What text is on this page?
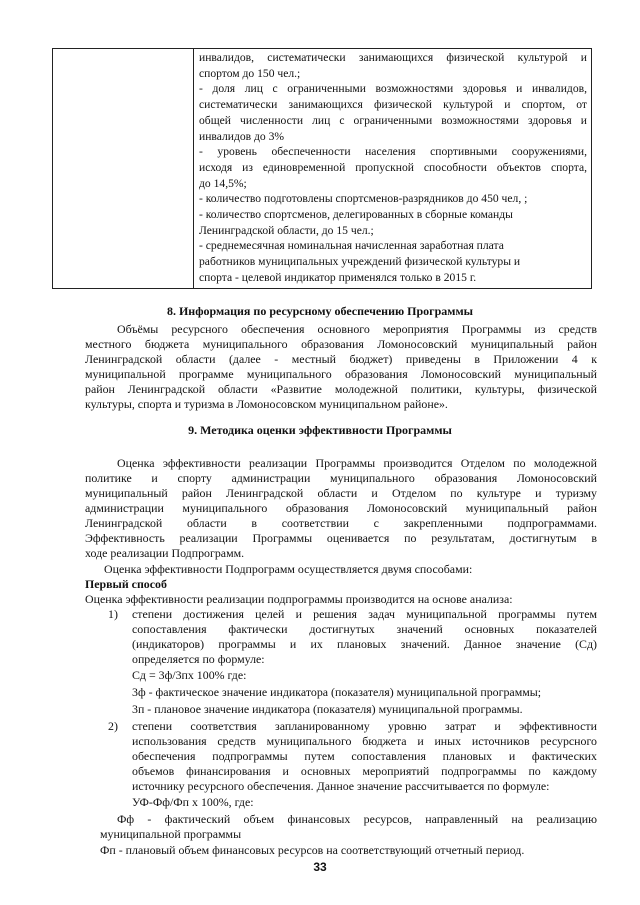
инвалидов, систематически занимающихся физической культурой и
спортом до 150 чел.;
- доля лиц с ограниченными возможностями здоровья и инвалидов,
систематически занимающихся физической культурой и спортом, от
общей численности лиц с ограниченными возможностями здоровья и
инвалидов до 3%
- уровень обеспеченности населения спортивными сооружениями,
исходя из единовременной пропускной способности объектов спорта,
до 14,5%;
- количество подготовлены спортсменов-разрядников до 450 чел, ;
- количество спортсменов, делегированных в сборные команды
Ленинградской области, до 15 чел.;
- среднемесячная номинальная начисленная заработная плата
работников муниципальных учреждений физической культуры и
спорта - целевой индикатор применялся только в 2015 г.
8. Информация по ресурсному обеспечению Программы
Объёмы ресурсного обеспечения основного мероприятия Программы из средств
местного бюджета муниципального образования Ломоносовский муниципальный район
Ленинградской области (далее - местный бюджет) приведены в Приложении 4 к
муниципальной программе муниципального образования Ломоносовский муниципальный
район Ленинградской области «Развитие молодежной политики, культуры, физической
культуры, спорта и туризма в Ломоносовском муниципальном районе».
9. Методика оценки эффективности Программы
Оценка эффективности реализации Программы производится Отделом по молодежной
политике и спорту администрации муниципального образования Ломоносовский
муниципальный район Ленинградской области и Отделом по культуре и туризму
администрации муниципального образования Ломоносовский муниципальный район
Ленинградской области в соответствии с закрепленными подпрограммами.
Эффективность реализации Программы оценивается по результатам, достигнутым в
ходе реализации Подпрограмм.
Оценка эффективности Подпрограмм осуществляется двумя способами:
Первый способ
Оценка эффективности реализации подпрограммы производится на основе анализа:
1) степени достижения целей и решения задач муниципальной программы путем
сопоставления фактически достигнутых значений основных показателей
(индикаторов) программы и их плановых значений. Данное значение (Сд)
определяется по формуле:
Сд = 3ф/3пх 100% где:
3ф - фактическое значение индикатора (показателя) муниципальной программы;
3п - плановое значение индикатора (показателя) муниципальной программы.
2) степени соответствия запланированному уровню затрат и эффективности
использования средств муниципального бюджета и иных источников ресурсного
обеспечения подпрограммы путем сопоставления плановых и фактических
объемов финансирования и основных мероприятий подпрограммы по каждому
источнику ресурсного обеспечения. Данное значение рассчитывается по формуле:
УФ-Фф/Фп х 100%, где:
Фф - фактический объем финансовых ресурсов, направленный на реализацию
муниципальной программы
Фп - плановый объем финансовых ресурсов на соответствующий отчетный период.
33
